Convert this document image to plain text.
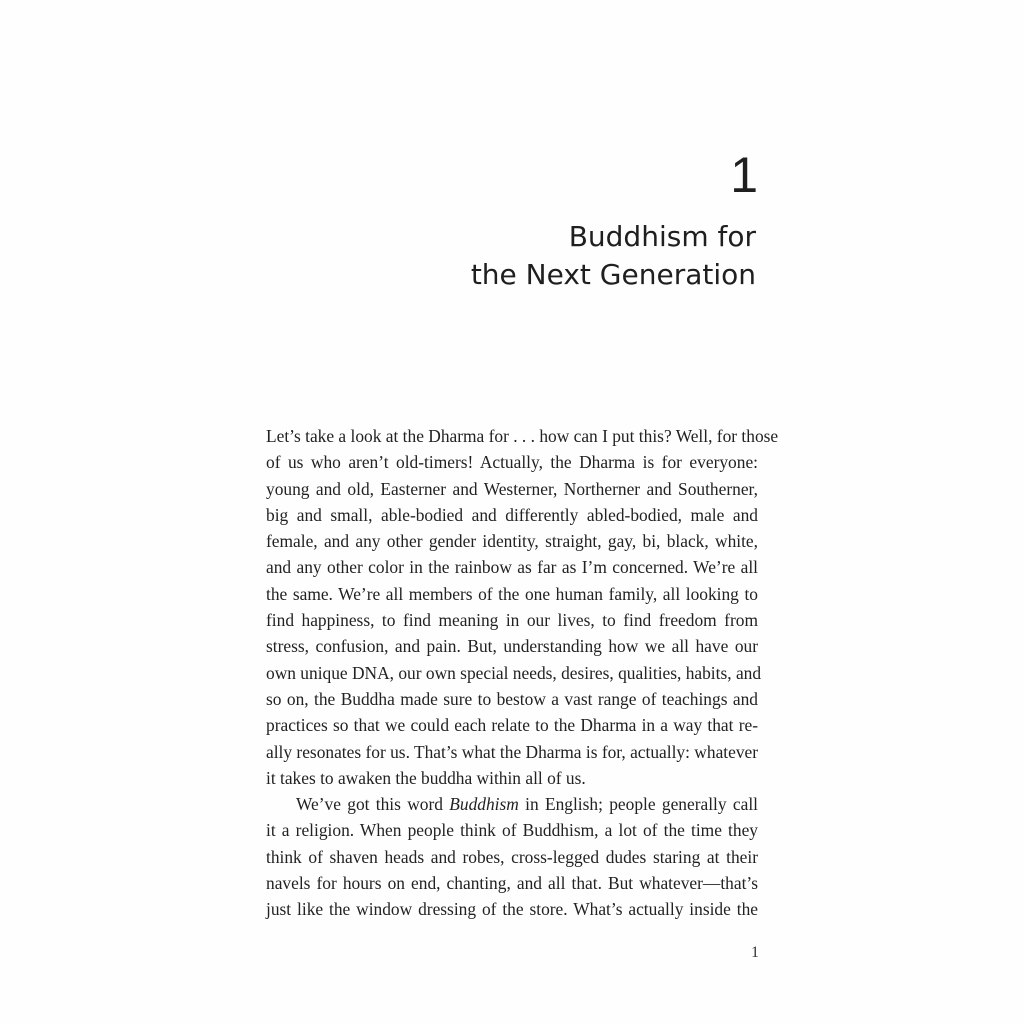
1
Buddhism for
the Next Generation
Let’s take a look at the Dharma for . . . how can I put this? Well, for those
of us who aren’t old-timers! Actually, the Dharma is for everyone:
young and old, Easterner and Westerner, Northerner and Southerner,
big and small, able-bodied and differently abled-bodied, male and
female, and any other gender identity, straight, gay, bi, black, white,
and any other color in the rainbow as far as I’m concerned. We’re all
the same. We’re all members of the one human family, all looking to
find happiness, to find meaning in our lives, to find freedom from
stress, confusion, and pain. But, understanding how we all have our
own unique DNA, our own special needs, desires, qualities, habits, and
so on, the Buddha made sure to bestow a vast range of teachings and
practices so that we could each relate to the Dharma in a way that re-
ally resonates for us. That’s what the Dharma is for, actually: whatever
it takes to awaken the buddha within all of us.
We’ve got this word Buddhism in English; people generally call
it a religion. When people think of Buddhism, a lot of the time they
think of shaven heads and robes, cross-legged dudes staring at their
navels for hours on end, chanting, and all that. But whatever—that’s
just like the window dressing of the store. What’s actually inside the
1
